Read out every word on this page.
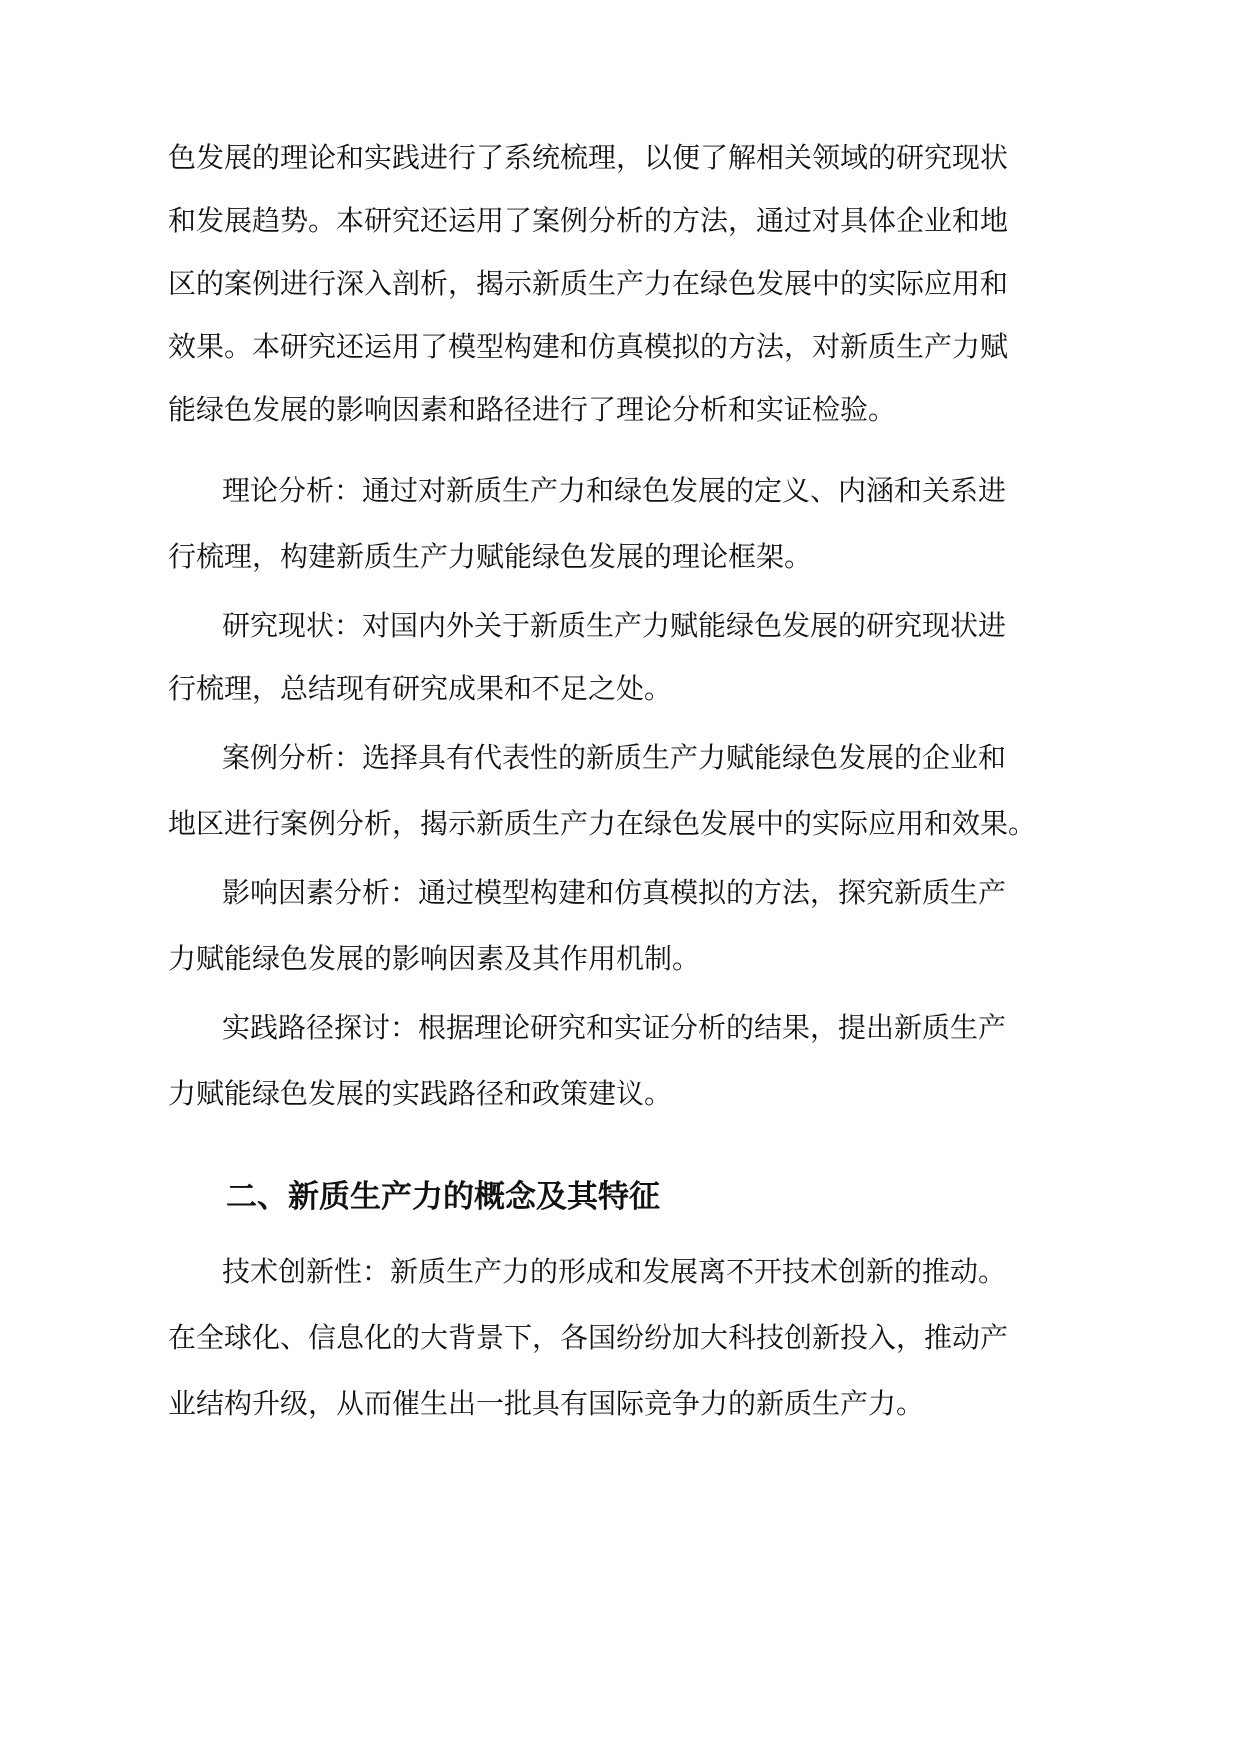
色发展的理论和实践进行了系统梳理，以便了解相关领域的研究现状
和发展趋势。本研究还运用了案例分析的方法，通过对具体企业和地
区的案例进行深入剖析，揭示新质生产力在绿色发展中的实际应用和
效果。本研究还运用了模型构建和仿真模拟的方法，对新质生产力赋
能绿色发展的影响因素和路径进行了理论分析和实证检验。
理论分析：通过对新质生产力和绿色发展的定义、内涵和关系进
行梳理，构建新质生产力赋能绿色发展的理论框架。
研究现状：对国内外关于新质生产力赋能绿色发展的研究现状进
行梳理，总结现有研究成果和不足之处。
案例分析：选择具有代表性的新质生产力赋能绿色发展的企业和
地区进行案例分析，揭示新质生产力在绿色发展中的实际应用和效果。
影响因素分析：通过模型构建和仿真模拟的方法，探究新质生产
力赋能绿色发展的影响因素及其作用机制。
实践路径探讨：根据理论研究和实证分析的结果，提出新质生产
力赋能绿色发展的实践路径和政策建议。
二、新质生产力的概念及其特征
技术创新性：新质生产力的形成和发展离不开技术创新的推动。
在全球化、信息化的大背景下，各国纷纷加大科技创新投入，推动产
业结构升级，从而催生出一批具有国际竞争力的新质生产力。
